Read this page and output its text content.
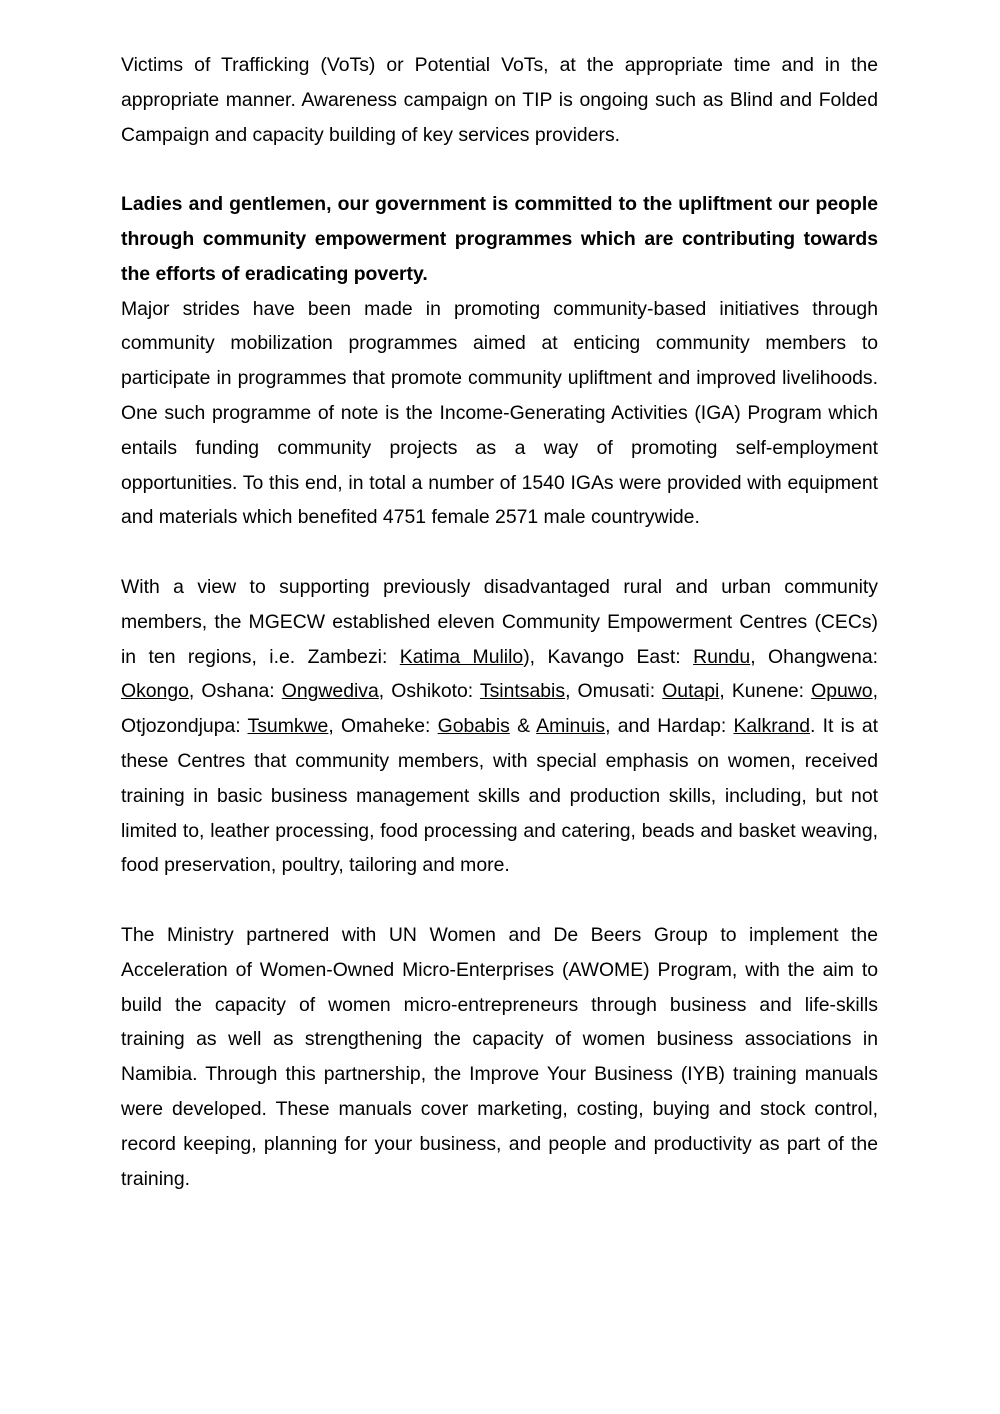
Victims of Trafficking (VoTs) or Potential VoTs, at the appropriate time and in the appropriate manner. Awareness campaign on TIP is ongoing such as Blind and Folded Campaign and capacity building of key services providers.

Ladies and gentlemen, our government is committed to the upliftment our people through community empowerment programmes which are contributing towards the efforts of eradicating poverty.

Major strides have been made in promoting community-based initiatives through community mobilization programmes aimed at enticing community members to participate in programmes that promote community upliftment and improved livelihoods. One such programme of note is the Income-Generating Activities (IGA) Program which entails funding community projects as a way of promoting self-employment opportunities. To this end, in total a number of 1540 IGAs were provided with equipment and materials which benefited 4751 female 2571 male countrywide.

With a view to supporting previously disadvantaged rural and urban community members, the MGECW established eleven Community Empowerment Centres (CECs) in ten regions, i.e. Zambezi: Katima Mulilo), Kavango East: Rundu, Ohangwena: Okongo, Oshana: Ongwediva, Oshikoto: Tsintsabis, Omusati: Outapi, Kunene: Opuwo, Otjozondjupa: Tsumkwe, Omaheke: Gobabis & Aminuis, and Hardap: Kalkrand. It is at these Centres that community members, with special emphasis on women, received training in basic business management skills and production skills, including, but not limited to, leather processing, food processing and catering, beads and basket weaving, food preservation, poultry, tailoring and more.

The Ministry partnered with UN Women and De Beers Group to implement the Acceleration of Women-Owned Micro-Enterprises (AWOME) Program, with the aim to build the capacity of women micro-entrepreneurs through business and life-skills training as well as strengthening the capacity of women business associations in Namibia. Through this partnership, the Improve Your Business (IYB) training manuals were developed. These manuals cover marketing, costing, buying and stock control, record keeping, planning for your business, and people and productivity as part of the training.
